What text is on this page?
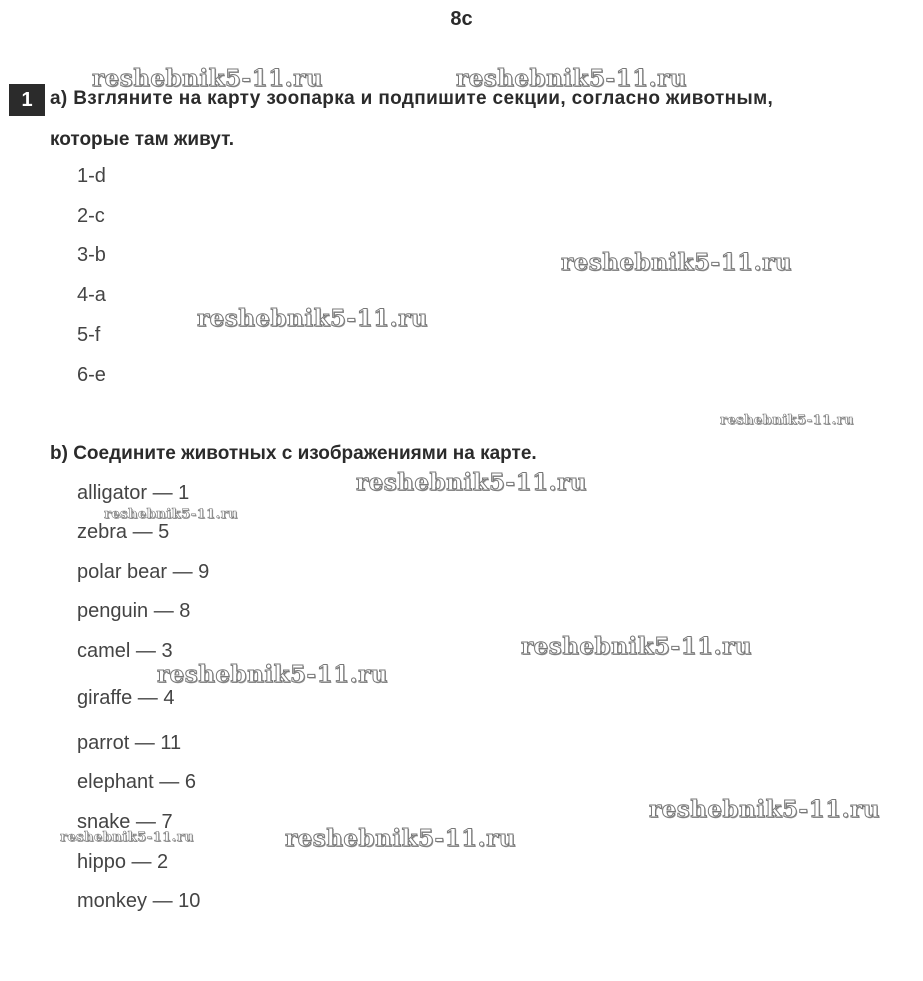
8c
1 a) Взгляните на карту зоопарка и подпишите секции, согласно животным,
которые там живут.
1-d
2-c
3-b
4-a
5-f
6-e
b) Соедините животных с изображениями на карте.
alligator — 1
zebra — 5
polar bear — 9
penguin — 8
camel — 3
giraffe — 4
parrot — 11
elephant — 6
snake — 7
hippo — 2
monkey — 10
reshebnik5-11.ru	reshebnik5-11.ru
reshebnik5-11.ru
reshebnik5-11.ru
reshebnik5-11.ru
reshebnik5-11.ru
reshebnik5-11.ru
reshebnik5-11.ru
reshebnik5-11.ru
reshebnik5-11.ru
reshebnik5-11.ru
reshebnik5-11.ru
